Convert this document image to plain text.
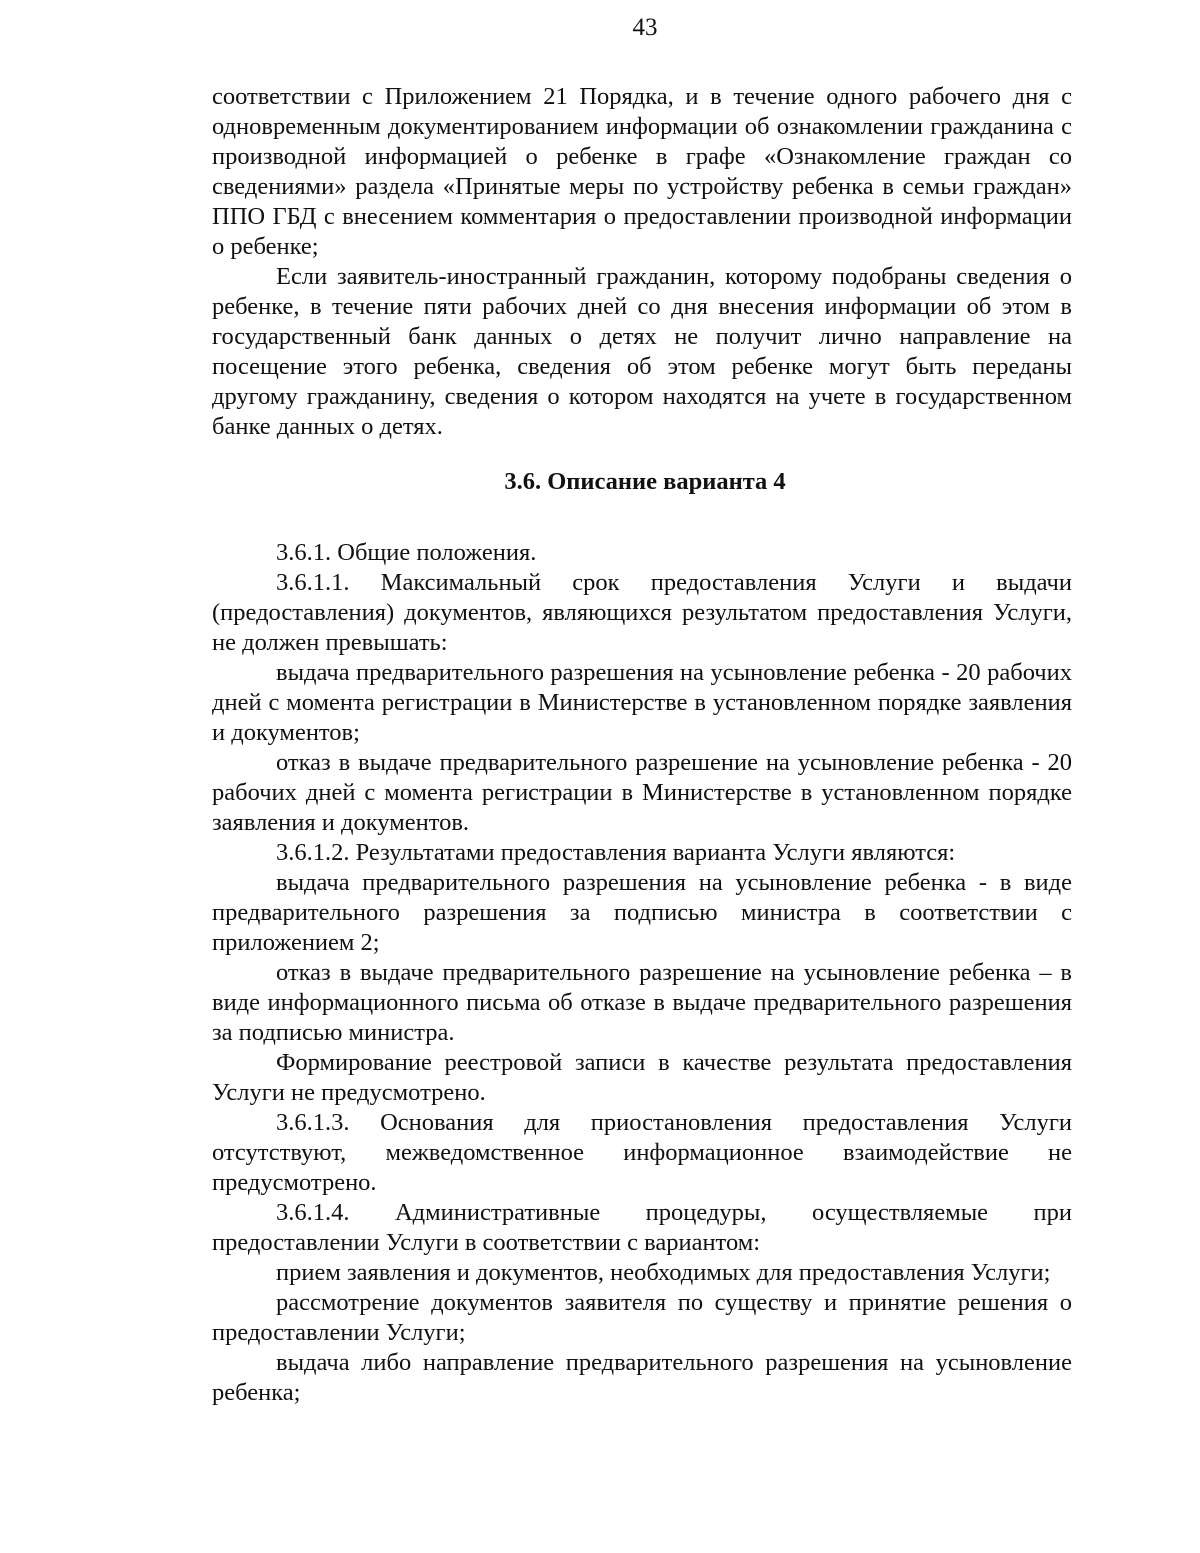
43

соответствии с Приложением 21 Порядка, и в течение одного рабочего дня с одновременным документированием информации об ознакомлении гражданина с производной информацией о ребенке в графе «Ознакомление граждан со сведениями» раздела «Принятые меры по устройству ребенка в семьи граждан» ППО ГБД с внесением комментария о предоставлении производной информации о ребенке;

Если заявитель-иностранный гражданин, которому подобраны сведения о ребенке, в течение пяти рабочих дней со дня внесения информации об этом в государственный банк данных о детях не получит лично направление на посещение этого ребенка, сведения об этом ребенке могут быть переданы другому гражданину, сведения о котором находятся на учете в государственном банке данных о детях.

3.6. Описание варианта 4

3.6.1. Общие положения.

3.6.1.1. Максимальный срок предоставления Услуги и выдачи (предоставления) документов, являющихся результатом предоставления Услуги, не должен превышать:

выдача предварительного разрешения на усыновление ребенка - 20 рабочих дней с момента регистрации в Министерстве в установленном порядке заявления и документов;

отказ в выдаче предварительного разрешение на усыновление ребенка - 20 рабочих дней с момента регистрации в Министерстве в установленном порядке заявления и документов.

3.6.1.2. Результатами предоставления варианта Услуги являются:

выдача предварительного разрешения на усыновление ребенка - в виде предварительного разрешения за подписью министра в соответствии с приложением 2;

отказ в выдаче предварительного разрешение на усыновление ребенка – в виде информационного письма об отказе в выдаче предварительного разрешения за подписью министра.

Формирование реестровой записи в качестве результата предоставления Услуги не предусмотрено.

3.6.1.3. Основания для приостановления предоставления Услуги отсутствуют, межведомственное информационное взаимодействие не предусмотрено.

3.6.1.4. Административные процедуры, осуществляемые при предоставлении Услуги в соответствии с вариантом:

прием заявления и документов, необходимых для предоставления Услуги;

рассмотрение документов заявителя по существу и принятие решения о предоставлении Услуги;

выдача либо направление предварительного разрешения на усыновление ребенка;
